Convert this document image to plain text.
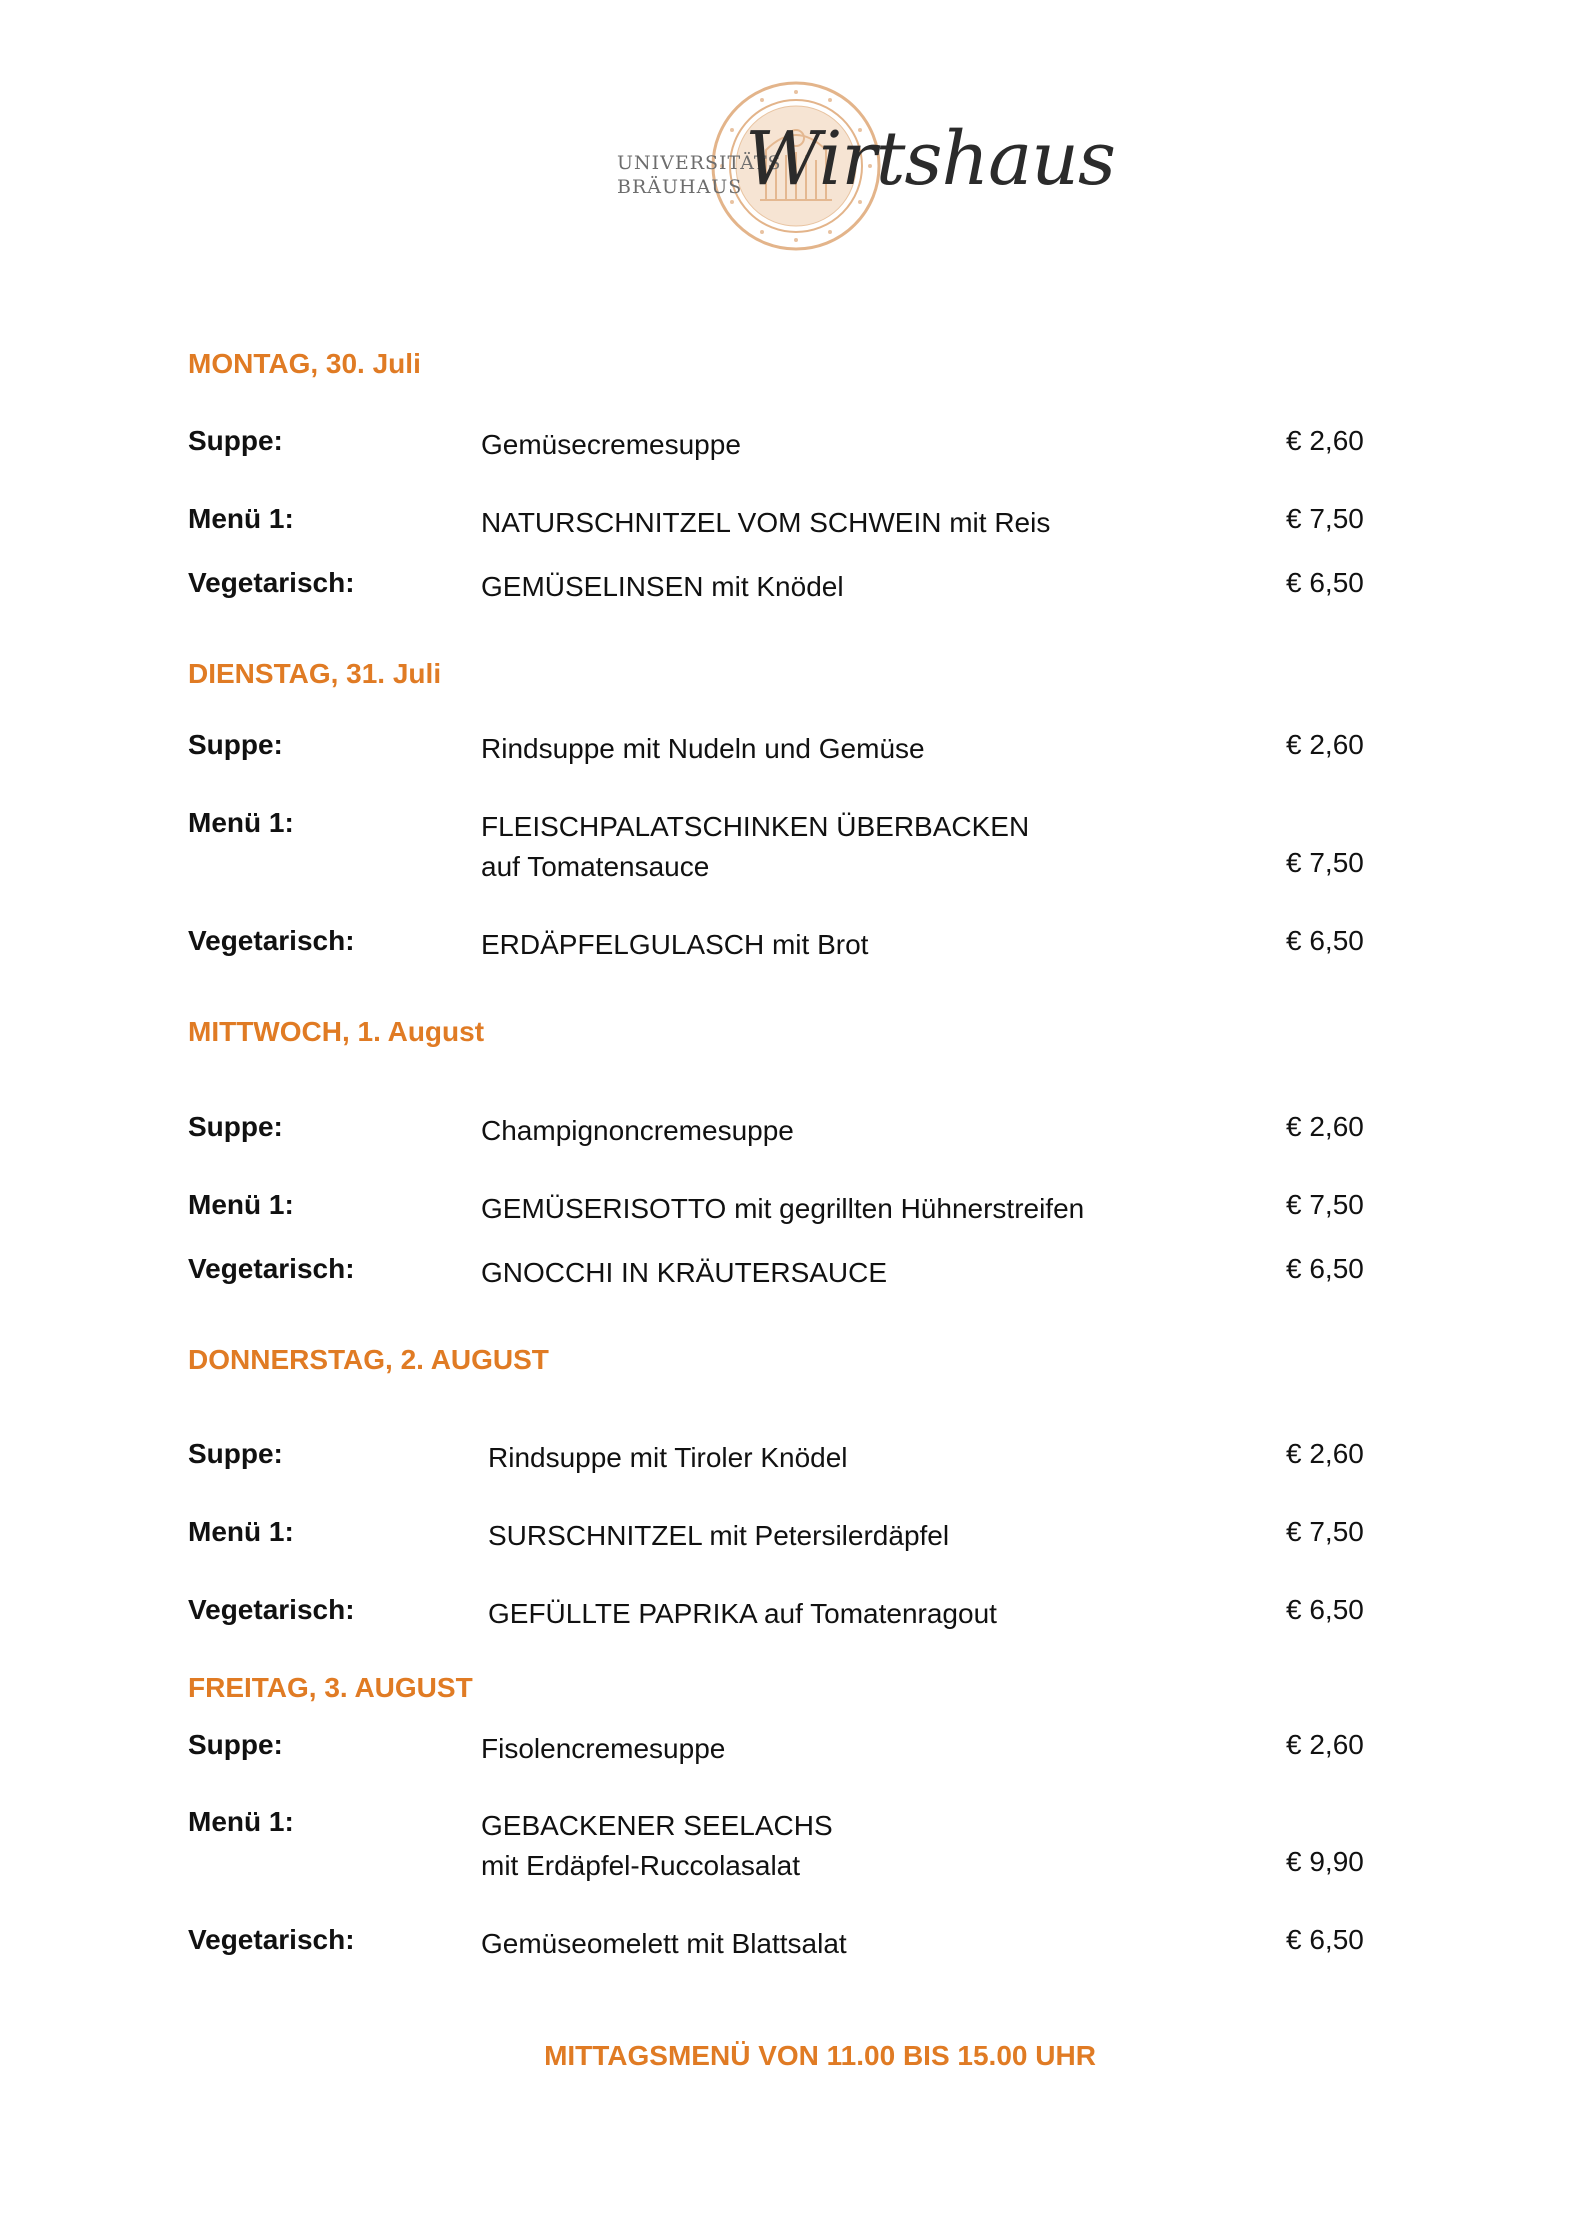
UNIVERSITÄTS
BRÄUHAUS Wirtshaus
MONTAG, 30. Juli
Suppe:	Gemüsecremesuppe	€ 2,60
Menü 1:	NATURSCHNITZEL VOM SCHWEIN mit Reis	€ 7,50
Vegetarisch:	GEMÜSELINSEN mit Knödel	€ 6,50
DIENSTAG, 31. Juli
Suppe:	Rindsuppe mit Nudeln und Gemüse	€ 2,60
Menü 1:	FLEISCHPALATSCHINKEN ÜBERBACKEN
auf Tomatensauce	€ 7,50
Vegetarisch:	ERDÄPFELGULASCH mit Brot	€ 6,50
MITTWOCH, 1. August
Suppe:	Champignoncremesuppe	€ 2,60
Menü 1:	GEMÜSERISOTTO mit gegrillten Hühnerstreifen	€ 7,50
Vegetarisch:	GNOCCHI IN KRÄUTERSAUCE	€ 6,50
DONNERSTAG, 2. AUGUST
Suppe:	Rindsuppe mit Tiroler Knödel	€ 2,60
Menü 1:	SURSCHNITZEL mit Petersilerdäpfel	€ 7,50
Vegetarisch:	GEFÜLLTE PAPRIKA auf Tomatenragout	€ 6,50
FREITAG, 3. AUGUST
Suppe:	Fisolencremesuppe	€ 2,60
Menü 1:	GEBACKENER SEELACHS
mit Erdäpfel-Ruccolasalat	€ 9,90
Vegetarisch:	Gemüseomelett mit Blattsalat	€ 6,50
MITTAGSMENÜ VON 11.00 BIS 15.00 UHR
